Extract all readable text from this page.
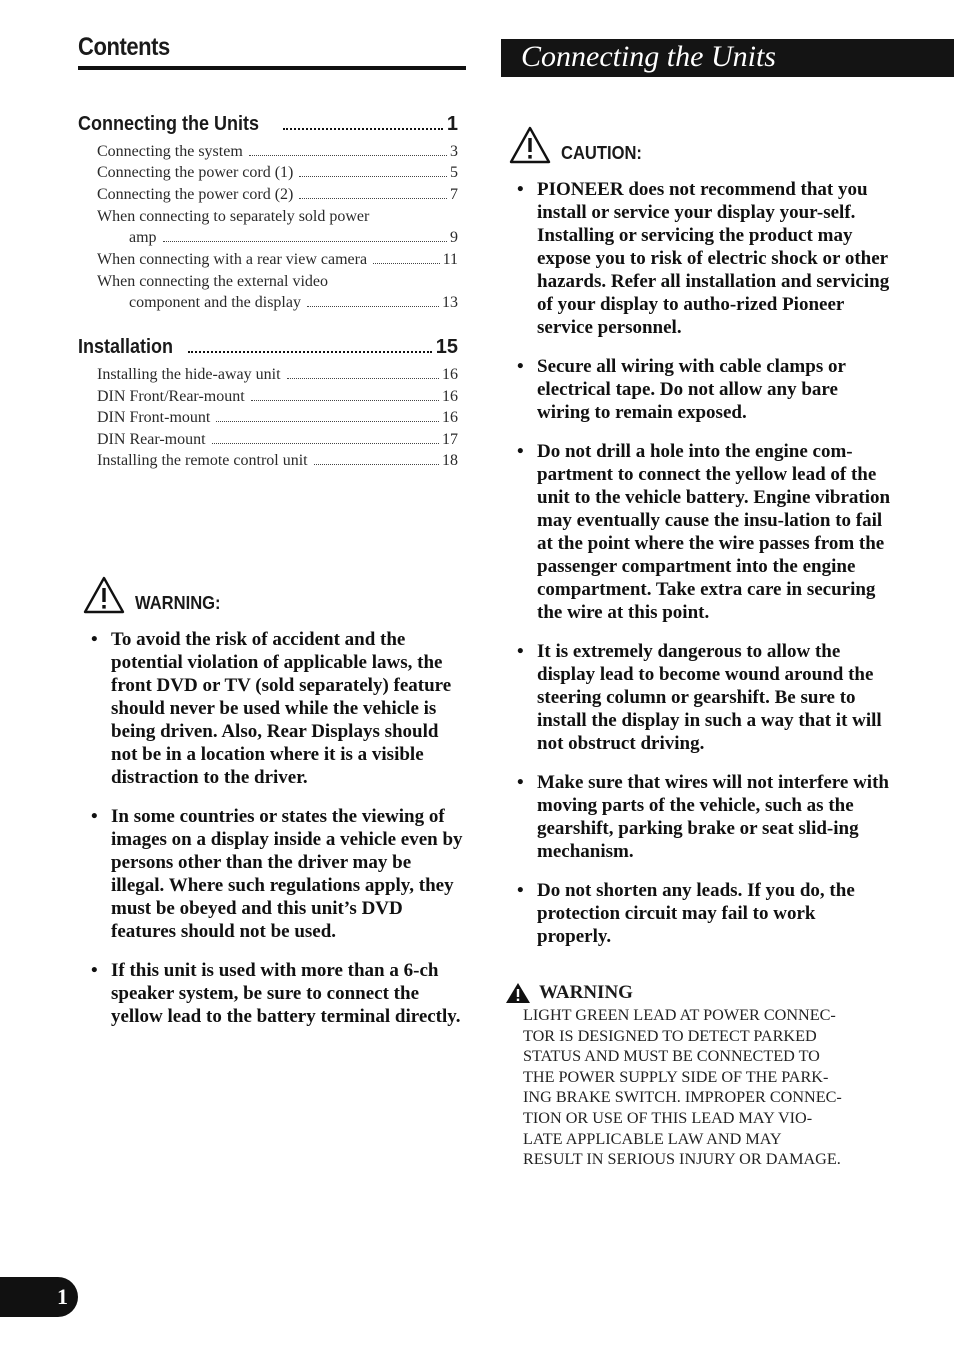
Contents
Connecting the Units	1
Connecting the system	3
Connecting the power cord (1)	5
Connecting the power cord (2)	7
When connecting to separately sold power
amp	9
When connecting with a rear view camera	11
When connecting the external video
component and the display	13
Installation	15
Installing the hide-away unit	16
DIN Front/Rear-mount	16
DIN Front-mount	16
DIN Rear-mount	17
Installing the remote control unit	18
WARNING:
• To avoid the risk of accident and the potential violation of applicable laws, the front DVD or TV (sold separately) feature should never be used while the vehicle is being driven. Also, Rear Displays should not be in a location where it is a visible distraction to the driver.
• In some countries or states the viewing of images on a display inside a vehicle even by persons other than the driver may be illegal. Where such regulations apply, they must be obeyed and this unit’s DVD features should not be used.
• If this unit is used with more than a 6-ch speaker system, be sure to connect the yellow lead to the battery terminal directly.
Connecting the Units
CAUTION:
• PIONEER does not recommend that you install or service your display your-self. Installing or servicing the product may expose you to risk of electric shock or other hazards. Refer all installation and servicing of your display to autho-rized Pioneer service personnel.
• Secure all wiring with cable clamps or electrical tape. Do not allow any bare wiring to remain exposed.
• Do not drill a hole into the engine com-partment to connect the yellow lead of the unit to the vehicle battery. Engine vibration may eventually cause the insu-lation to fail at the point where the wire passes from the passenger compartment into the engine compartment. Take extra care in securing the wire at this point.
• It is extremely dangerous to allow the display lead to become wound around the steering column or gearshift. Be sure to install the display in such a way that it will not obstruct driving.
• Make sure that wires will not interfere with moving parts of the vehicle, such as the gearshift, parking brake or seat slid-ing mechanism.
• Do not shorten any leads. If you do, the protection circuit may fail to work properly.
WARNING
LIGHT GREEN LEAD AT POWER CONNEC-
TOR IS DESIGNED TO DETECT PARKED
STATUS AND MUST BE CONNECTED TO
THE POWER SUPPLY SIDE OF THE PARK-
ING BRAKE SWITCH. IMPROPER CONNEC-
TION OR USE OF THIS LEAD MAY VIO-
LATE APPLICABLE LAW AND MAY
RESULT IN SERIOUS INJURY OR DAMAGE.
1
